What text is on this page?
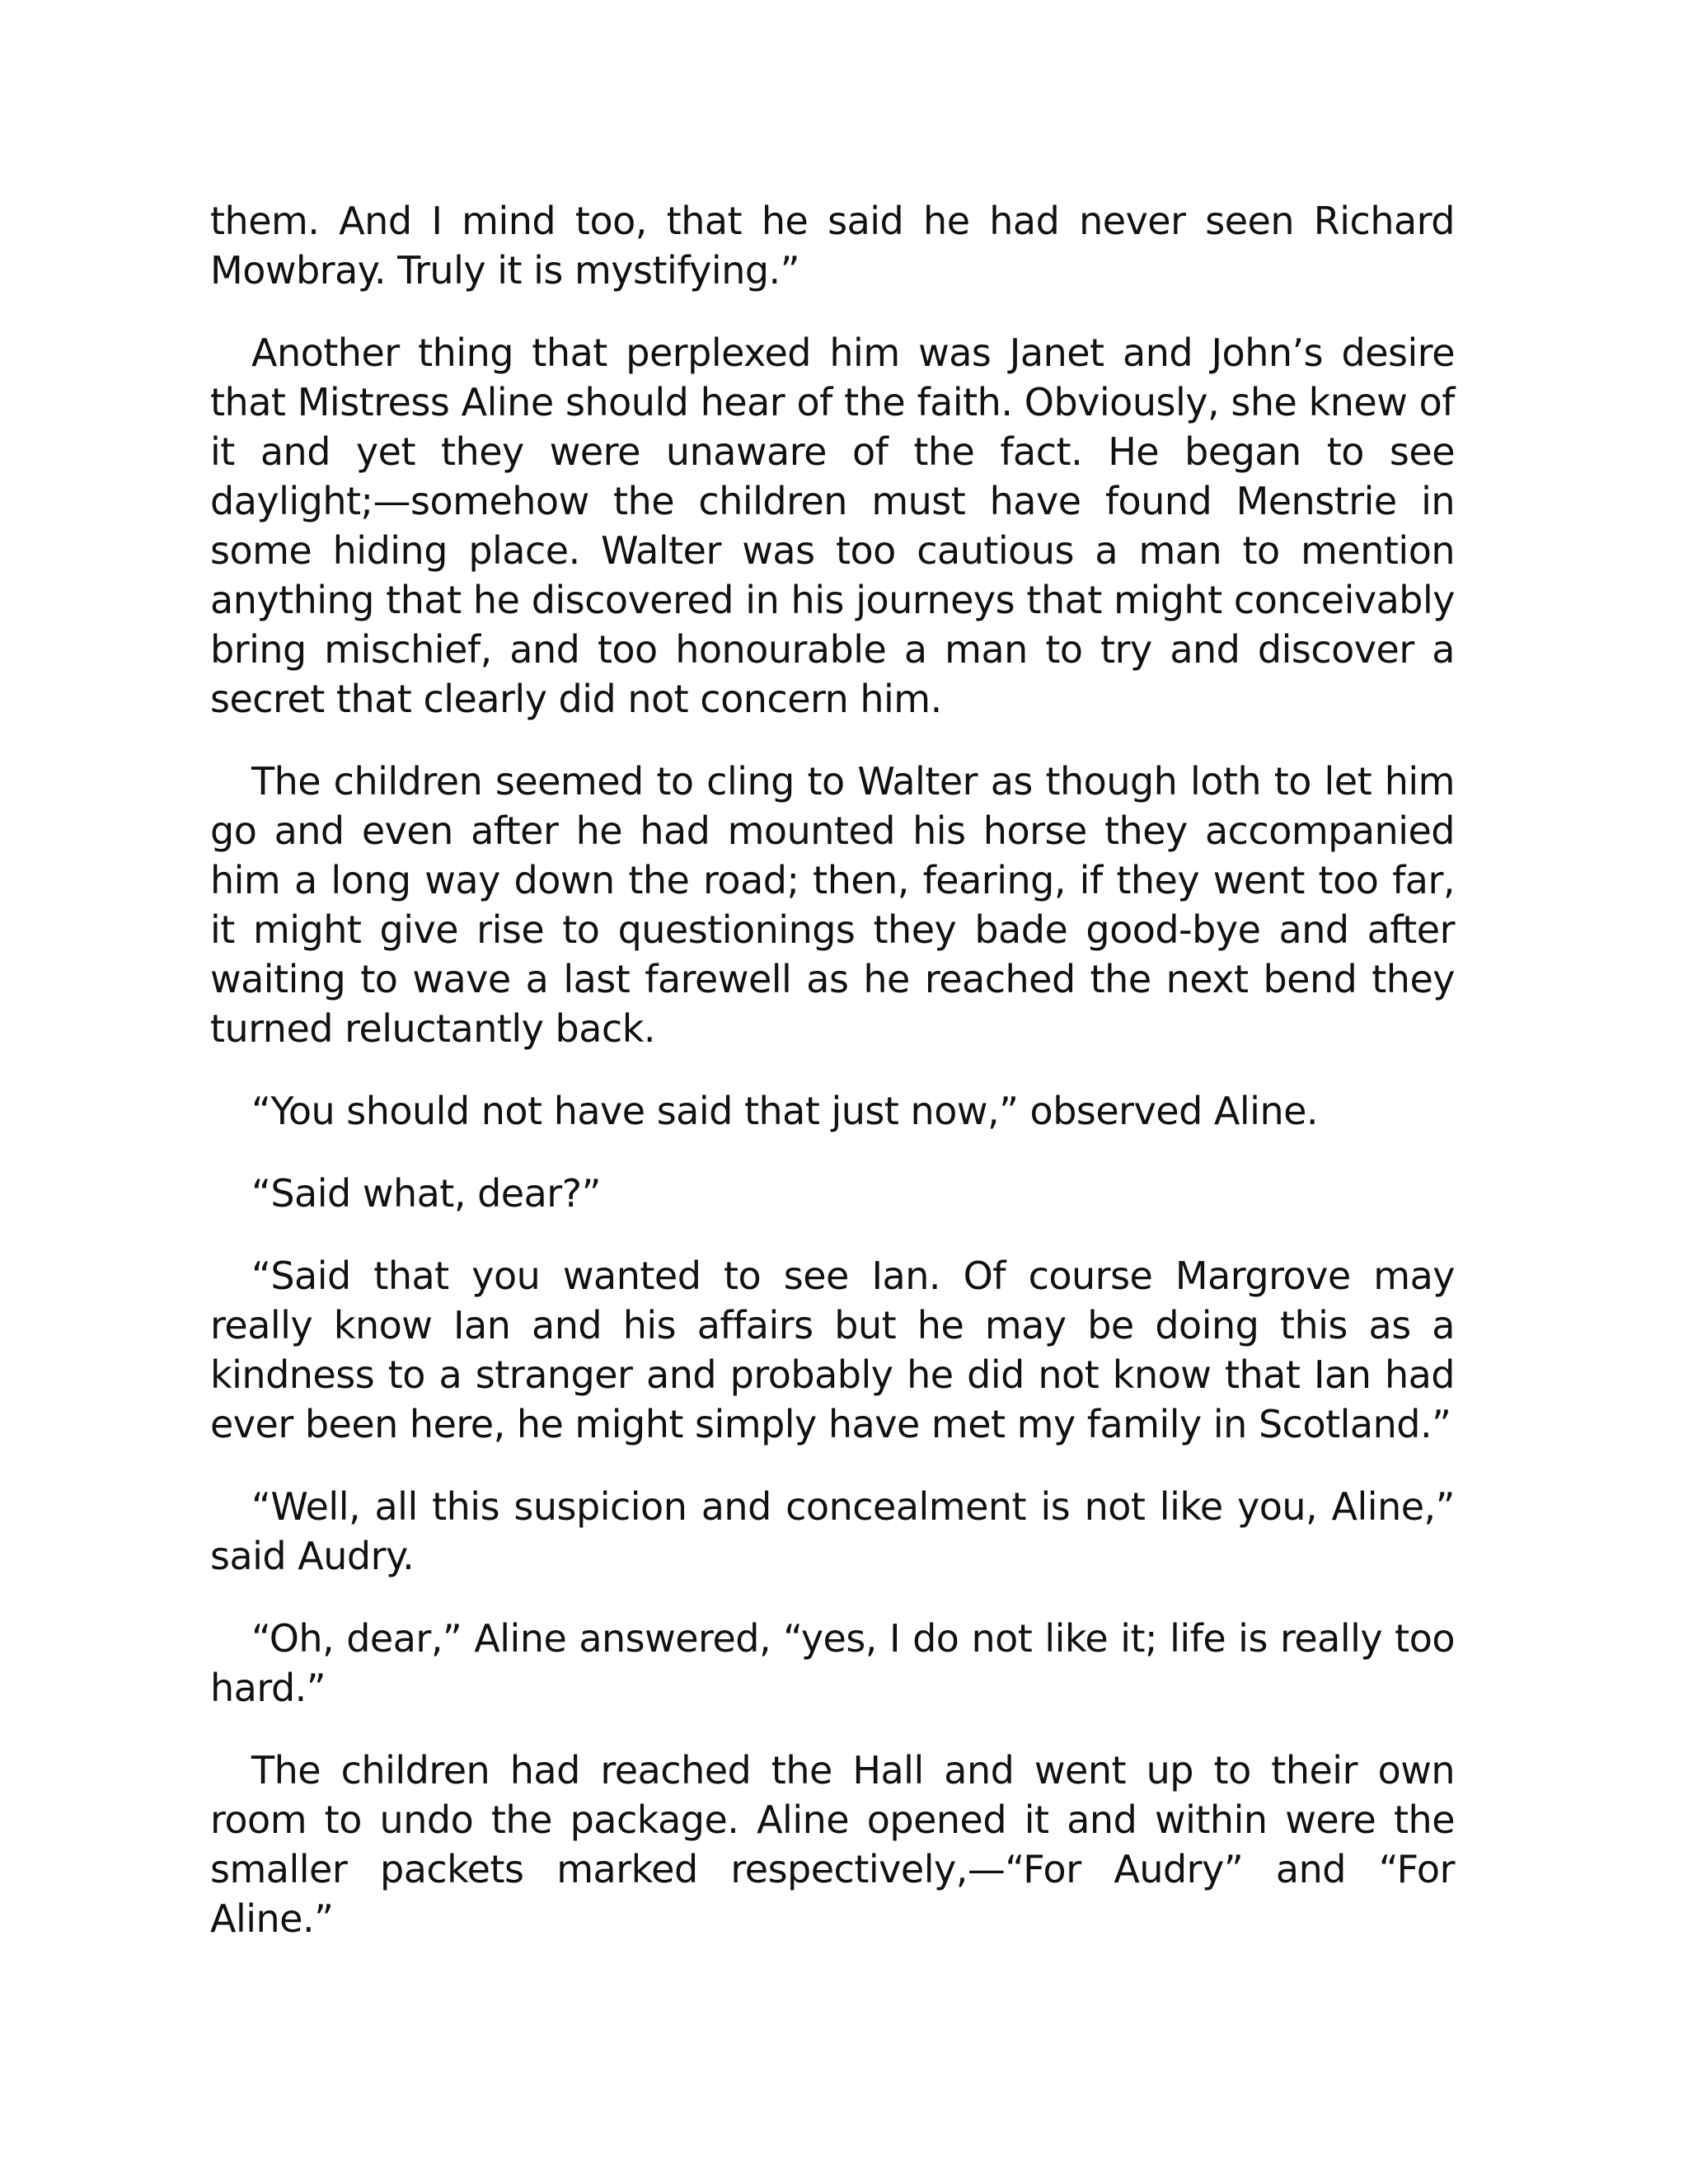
them. And I mind too, that he said he had never seen Richard Mowbray. Truly it is mystifying.”

Another thing that perplexed him was Janet and John’s desire that Mistress Aline should hear of the faith. Obviously, she knew of it and yet they were unaware of the fact. He began to see daylight;—somehow the children must have found Menstrie in some hiding place. Walter was too cautious a man to mention anything that he discovered in his journeys that might conceivably bring mischief, and too honourable a man to try and discover a secret that clearly did not concern him.

The children seemed to cling to Walter as though loth to let him go and even after he had mounted his horse they accompanied him a long way down the road; then, fearing, if they went too far, it might give rise to questionings they bade good-bye and after waiting to wave a last farewell as he reached the next bend they turned reluctantly back.

“You should not have said that just now,” observed Aline.

“Said what, dear?”

“Said that you wanted to see Ian. Of course Margrove may really know Ian and his affairs but he may be doing this as a kindness to a stranger and probably he did not know that Ian had ever been here, he might simply have met my family in Scotland.”

“Well, all this suspicion and concealment is not like you, Aline,” said Audry.

“Oh, dear,” Aline answered, “yes, I do not like it; life is really too hard.”

The children had reached the Hall and went up to their own room to undo the package. Aline opened it and within were the smaller packets marked respectively,—“For Audry” and “For Aline.”
